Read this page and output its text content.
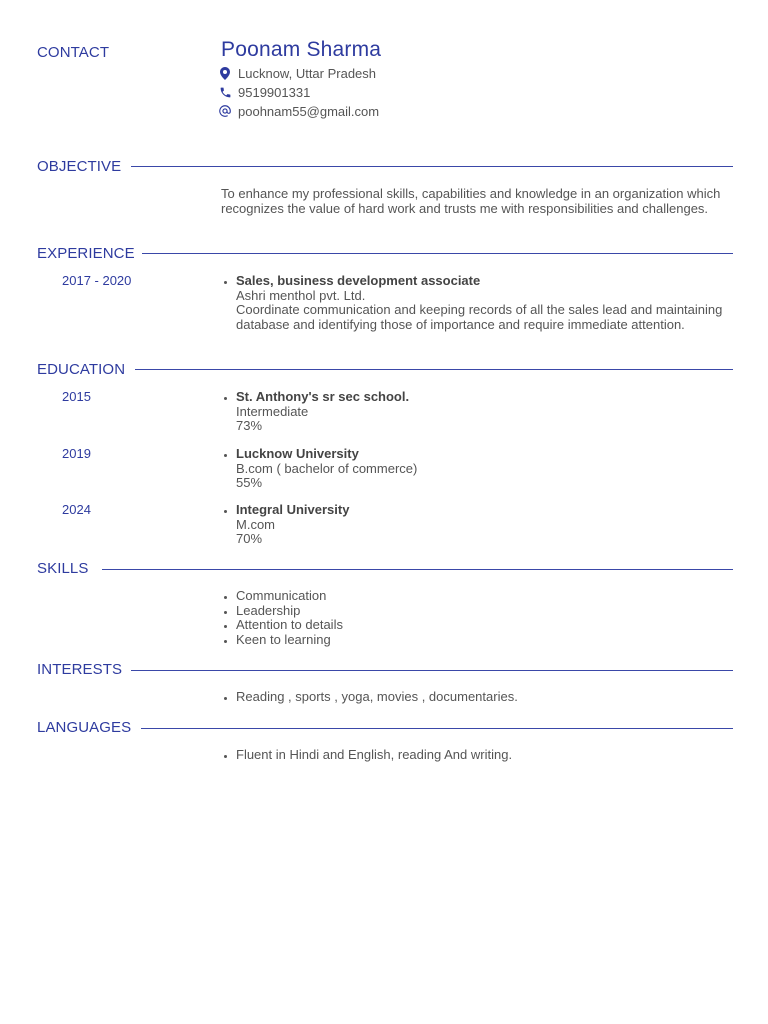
CONTACT	Poonam Sharma
Lucknow, Uttar Pradesh
9519901331
poohnam55@gmail.com
OBJECTIVE
To enhance my professional skills, capabilities and knowledge in an organization which recognizes the value of hard work and trusts me with responsibilities and challenges.
EXPERIENCE
2017 - 2020	• Sales, business development associate
Ashri menthol pvt. Ltd.
Coordinate communication and keeping records of all the sales lead and maintaining database and identifying those of importance and require immediate attention.
EDUCATION
2015	• St. Anthony's sr sec school.
Intermediate
73%
2019	• Lucknow University
B.com ( bachelor of commerce)
55%
2024	• Integral University
M.com
70%
SKILLS
• Communication
• Leadership
• Attention to details
• Keen to learning
INTERESTS
• Reading , sports , yoga, movies , documentaries.
LANGUAGES
• Fluent in Hindi and English, reading And writing.
